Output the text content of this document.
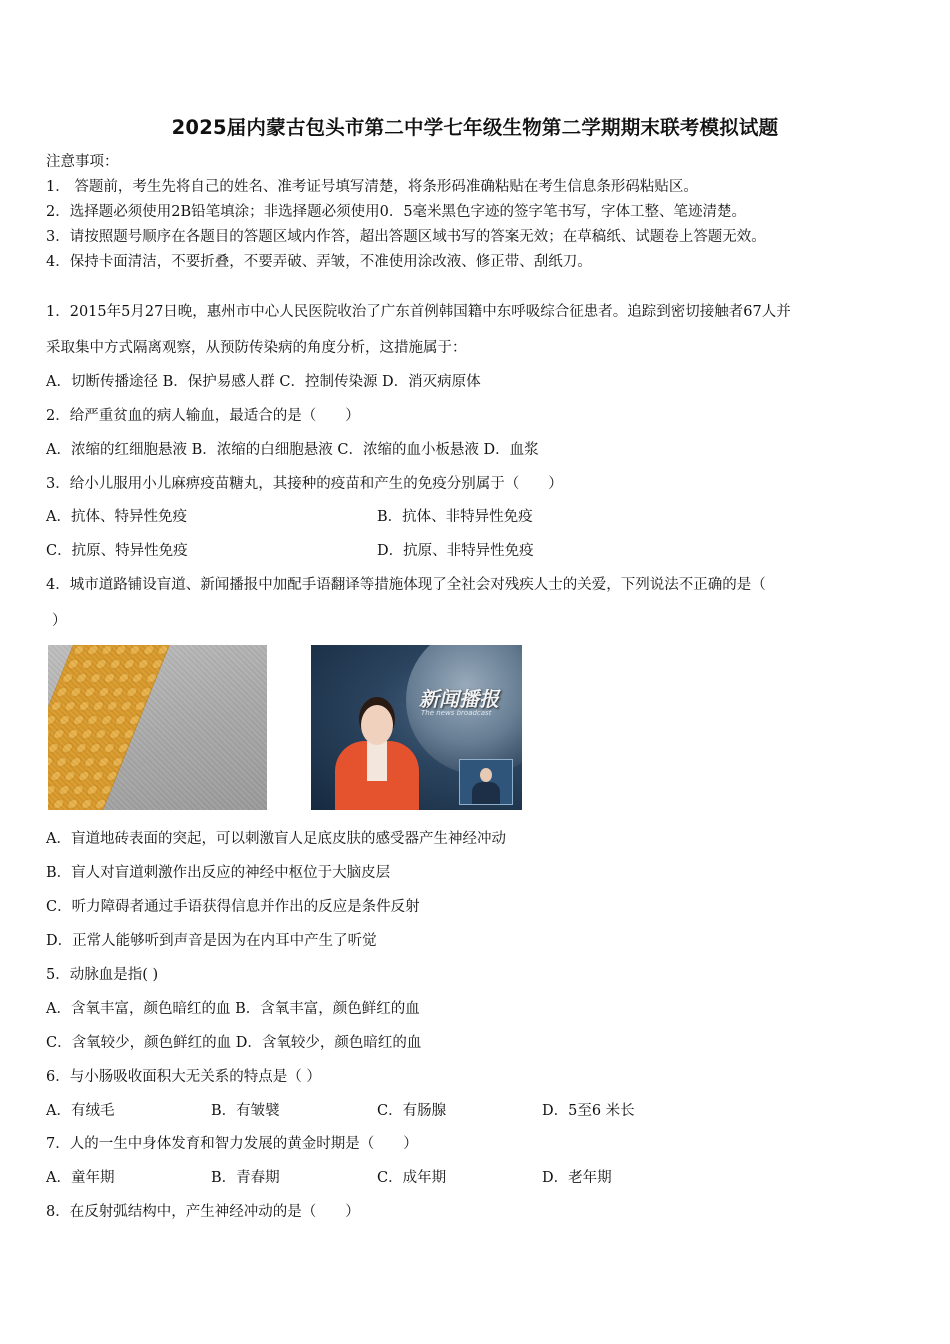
2025届内蒙古包头市第二中学七年级生物第二学期期末联考模拟试题
注意事项：
1． 答题前，考生先将自己的姓名、准考证号填写清楚，将条形码准确粘贴在考生信息条形码粘贴区。
2．选择题必须使用2B铅笔填涂；非选择题必须使用0．5毫米黑色字迹的签字笔书写，字体工整、笔迹清楚。
3．请按照题号顺序在各题目的答题区域内作答，超出答题区域书写的答案无效；在草稿纸、试题卷上答题无效。
4．保持卡面清洁，不要折叠，不要弄破、弄皱，不准使用涂改液、修正带、刮纸刀。
1．2015年5月27日晚，惠州市中心人民医院收治了广东首例韩国籍中东呼吸综合征患者。追踪到密切接触者67人并
采取集中方式隔离观察，从预防传染病的角度分析，这措施属于：
A．切断传播途径 B．保护易感人群 C．控制传染源 D．消灭病原体
2．给严重贫血的病人输血，最适合的是（　　）
A．浓缩的红细胞悬液 B．浓缩的白细胞悬液 C．浓缩的血小板悬液 D．血浆
3．给小儿服用小儿麻痹疫苗糖丸，其接种的疫苗和产生的免疫分别属于（　　）
A．抗体、特异性免疫	B．抗体、非特异性免疫
C．抗原、特异性免疫	D．抗原、非特异性免疫
4．城市道路铺设盲道、新闻播报中加配手语翻译等措施体现了全社会对残疾人士的关爱，下列说法不正确的是（
）
新闻播报
The news broadcast
A．盲道地砖表面的突起，可以刺激盲人足底皮肤的感受器产生神经冲动
B．盲人对盲道刺激作出反应的神经中枢位于大脑皮层
C．听力障碍者通过手语获得信息并作出的反应是条件反射
D．正常人能够听到声音是因为在内耳中产生了听觉
5．动脉血是指( )
A．含氧丰富，颜色暗红的血 B．含氧丰富，颜色鲜红的血
C．含氧较少，颜色鲜红的血 D．含氧较少，颜色暗红的血
6．与小肠吸收面积大无关系的特点是（ ）
A．有绒毛	B．有皱襞	C．有肠腺	D．5至6 米长
7．人的一生中身体发育和智力发展的黄金时期是（　　）
A．童年期	B．青春期	C．成年期	D．老年期
8．在反射弧结构中，产生神经冲动的是（　　）
